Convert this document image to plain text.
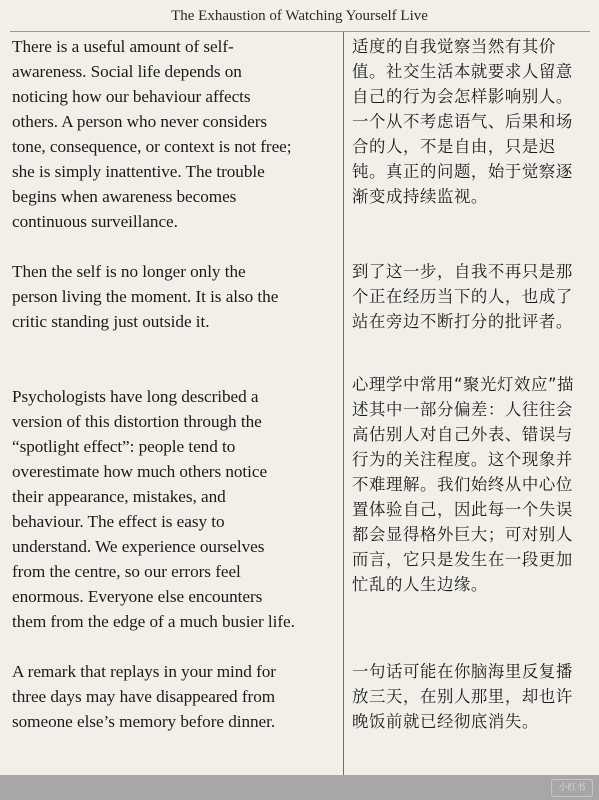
The Exhaustion of Watching Yourself Live
There is a useful amount of self-
awareness. Social life depends on
noticing how our behaviour affects
others. A person who never considers
tone, consequence, or context is not free;
she is simply inattentive. The trouble
begins when awareness becomes
continuous surveillance.
适度的自我觉察当然有其价
值。社交生活本就要求人留意
自己的行为会怎样影响别人。
一个从不考虑语气、后果和场
合的人，不是自由，只是迟
钝。真正的问题，始于觉察逐
渐变成持续监视。
Then the self is no longer only the
person living the moment. It is also the
critic standing just outside it.
到了这一步，自我不再只是那
个正在经历当下的人，也成了
站在旁边不断打分的批评者。
Psychologists have long described a
version of this distortion through the
“spotlight effect”: people tend to
overestimate how much others notice
their appearance, mistakes, and
behaviour. The effect is easy to
understand. We experience ourselves
from the centre, so our errors feel
enormous. Everyone else encounters
them from the edge of a much busier life.
心理学中常用“聚光灯效应”描
述其中一部分偏差：人往往会
高估别人对自己外表、错误与
行为的关注程度。这个现象并
不难理解。我们始终从中心位
置体验自己，因此每一个失误
都会显得格外巨大；可对别人
而言，它只是发生在一段更加
忙乱的人生边缘。
A remark that replays in your mind for
three days may have disappeared from
someone else’s memory before dinner.
一句话可能在你脑海里反复播
放三天，在别人那里，却也许
晚饭前就已经彻底消失。
小红书
